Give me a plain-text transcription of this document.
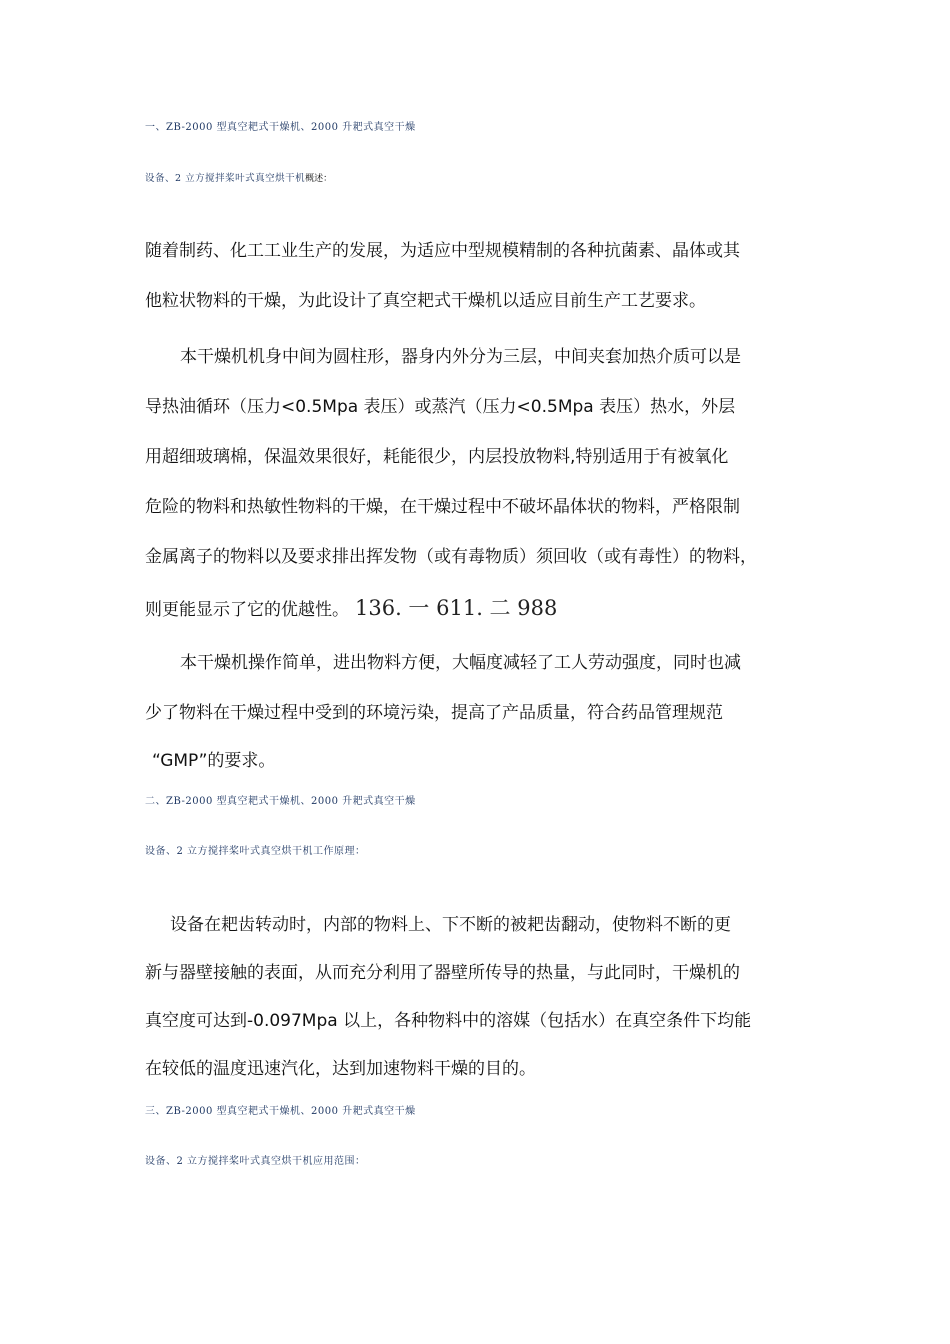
一、ZB-2000 型真空耙式干燥机、2000 升耙式真空干燥
设备、2 立方搅拌桨叶式真空烘干机概述：

随着制药、化工工业生产的发展，为适应中型规模精制的各种抗菌素、晶体或其

他粒状物料的干燥，为此设计了真空耙式干燥机以适应目前生产工艺要求。

本干燥机机身中间为圆柱形，器身内外分为三层，中间夹套加热介质可以是

导热油循环（压力<0.5Mpa 表压）或蒸汽（压力<0.5Mpa 表压）热水，外层

用超细玻璃棉，保温效果很好，耗能很少，内层投放物料,特别适用于有被氧化

危险的物料和热敏性物料的干燥，在干燥过程中不破坏晶体状的物料，严格限制

金属离子的物料以及要求排出挥发物（或有毒物质）须回收（或有毒性）的物料，

则更能显示了它的优越性。 136. 一 611. 二 988

本干燥机操作简单，进出物料方便，大幅度减轻了工人劳动强度，同时也减

少了物料在干燥过程中受到的环境污染，提高了产品质量，符合药品管理规范

“GMP”的要求。

二、ZB-2000 型真空耙式干燥机、2000 升耙式真空干燥
设备、2 立方搅拌桨叶式真空烘干机工作原理：

设备在耙齿转动时，内部的物料上、下不断的被耙齿翻动，使物料不断的更

新与器壁接触的表面，从而充分利用了器壁所传导的热量，与此同时，干燥机的

真空度可达到-0.097Mpa 以上，各种物料中的溶媒（包括水）在真空条件下均能

在较低的温度迅速汽化，达到加速物料干燥的目的。

三、ZB-2000 型真空耙式干燥机、2000 升耙式真空干燥
设备、2 立方搅拌桨叶式真空烘干机应用范围：
